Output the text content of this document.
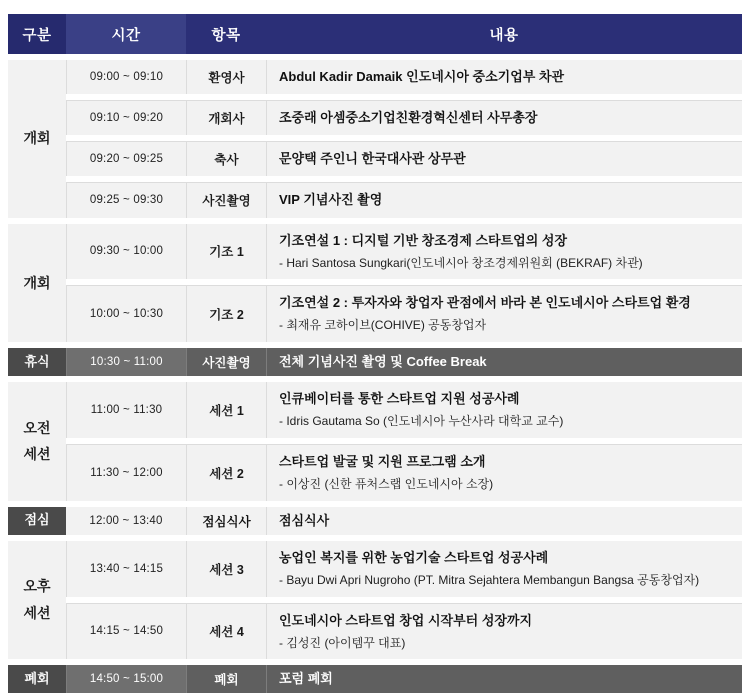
구분	시간	항목	내용
개회	09:00 ~ 09:10	환영사	Abdul Kadir Damaik 인도네시아 중소기업부 차관

	09:10 ~ 09:20	개회사	조중래 아셈중소기업친환경혁신센터 사무총장

	09:20 ~ 09:25	축사	문양택 주인니 한국대사관 상무관

	09:25 ~ 09:30	사진촬영	VIP 기념사진 촬영

개회	09:30 ~ 10:00	기조 1	기조연설 1 : 디지털 기반 창조경제 스타트업의 성장
- Hari Santosa Sungkari(인도네시아 창조경제위원회 (BEKRAF) 차관)

	10:00 ~ 10:30	기조 2	기조연설 2 : 투자자와 창업자 관점에서 바라 본 인도네시아 스타트업 환경
- 최재유 코하이브(COHIVE) 공동창업자

휴식	10:30 ~ 11:00	사진촬영	전체 기념사진 촬영 및 Coffee Break

오전
세션	11:00 ~ 11:30	세션 1	인큐베이터를 통한 스타트업 지원 성공사례
- Idris Gautama So (인도네시아 누산사라 대학교 교수)

	11:30 ~ 12:00	세션 2	스타트업 발굴 및 지원 프로그램 소개
- 이상진 (신한 퓨처스랩 인도네시아 소장)

점심	12:00 ~ 13:40	점심식사	점심식사

오후
세션	13:40 ~ 14:15	세션 3	농업인 복지를 위한 농업기술 스타트업 성공사례
- Bayu Dwi Apri Nugroho (PT. Mitra Sejahtera Membangun Bangsa 공동창업자)

	14:15 ~ 14:50	세션 4	인도네시아 스타트업 창업 시작부터 성장까지
- 김성진 (아이템꾸 대표)

폐회	14:50 ~ 15:00	폐회	포럼 폐회
